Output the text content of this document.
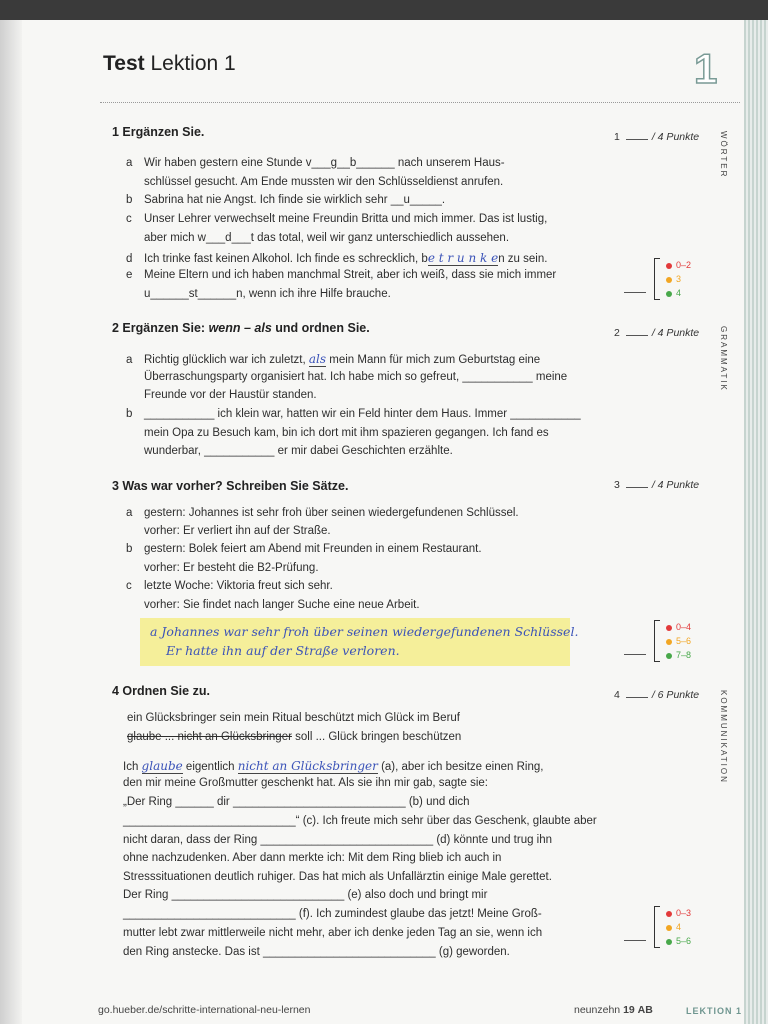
Test Lektion 1	1
1 Ergänzen Sie.	1	/ 4 Punkte WÖRTER
a Wir haben gestern eine Stunde v___g__b______ nach unserem Haus-
schlüssel gesucht. Am Ende mussten wir den Schlüsseldienst anrufen.
b Sabrina hat nie Angst. Ich finde sie wirklich sehr __u_____.
c Unser Lehrer verwechselt meine Freundin Britta und mich immer. Das ist lustig,
aber mich w___d___t das total, weil wir ganz unterschiedlich aussehen.
d Ich trinke fast keinen Alkohol. Ich finde es schrecklich, be t r u n k en zu sein.
e Meine Eltern und ich haben manchmal Streit, aber ich weiß, dass sie mich immer
u______st______n, wenn ich ihre Hilfe brauche.
0–2
3
4
2 Ergänzen Sie: wenn – als und ordnen Sie.	2	/ 4 Punkte GRAMMATIK
a Richtig glücklich war ich zuletzt, als mein Mann für mich zum Geburtstag eine
Überraschungsparty organisiert hat. Ich habe mich so gefreut, ___________ meine
Freunde vor der Haustür standen.
b ___________ ich klein war, hatten wir ein Feld hinter dem Haus. Immer ___________
mein Opa zu Besuch kam, bin ich dort mit ihm spazieren gegangen. Ich fand es
wunderbar, ___________ er mir dabei Geschichten erzählte.
3 Was war vorher? Schreiben Sie Sätze.	3	/ 4 Punkte
a gestern: Johannes ist sehr froh über seinen wiedergefundenen Schlüssel.
vorher: Er verliert ihn auf der Straße.
b gestern: Bolek feiert am Abend mit Freunden in einem Restaurant.
vorher: Er besteht die B2-Prüfung.
c letzte Woche: Viktoria freut sich sehr.
vorher: Sie findet nach langer Suche eine neue Arbeit.
a Johannes war sehr froh über seinen wiedergefundenen Schlüssel.
Er hatte ihn auf der Straße verloren.
0–4
5–6
7–8
4 Ordnen Sie zu.	4	/ 6 Punkte KOMMUNIKATION
ein Glücksbringer sein mein Ritual beschützt mich Glück im Beruf
glaube ... nicht an Glücksbringer soll ... Glück bringen beschützen
Ich glaube eigentlich nicht an Glücksbringer (a), aber ich besitze einen Ring,
den mir meine Großmutter geschenkt hat. Als sie ihn mir gab, sagte sie:
„Der Ring ______ dir ___________________________ (b) und dich
___________________________“ (c). Ich freute mich sehr über das Geschenk, glaubte aber
nicht daran, dass der Ring ___________________________ (d) könnte und trug ihn
ohne nachzudenken. Aber dann merkte ich: Mit dem Ring blieb ich auch in
Stresssituationen deutlich ruhiger. Das hat mich als Unfallärztin einige Male gerettet.
Der Ring ___________________________ (e) also doch und bringt mir
___________________________ (f). Ich zumindest glaube das jetzt! Meine Groß-
mutter lebt zwar mittlerweile nicht mehr, aber ich denke jeden Tag an sie, wenn ich
den Ring anstecke. Das ist ___________________________ (g) geworden.
0–3
4
5–6
go.hueber.de/schritte-international-neu-lernen	neunzehn 19 AB	LEKTION 1
